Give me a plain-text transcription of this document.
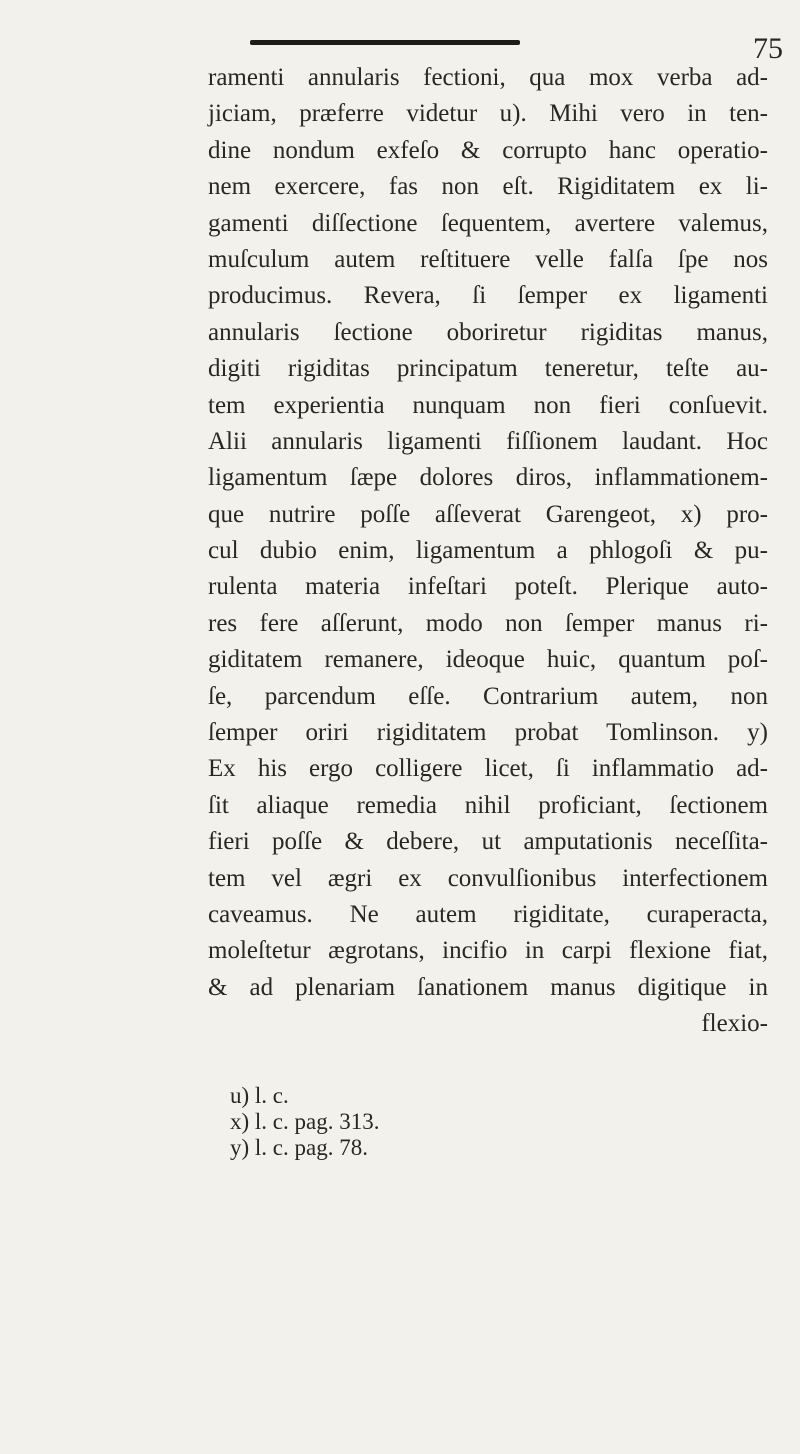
75
ramenti annularis fectioni, qua mox verba ad-
jiciam, præferre videtur u). Mihi vero in ten-
dine nondum exfeſo & corrupto hanc operatio-
nem exercere, fas non eſt. Rigiditatem ex li-
gamenti diſſectione ſequentem, avertere valemus,
muſculum autem reſtituere velle falſa ſpe nos
producimus. Revera, ſi ſemper ex ligamenti
annularis ſectione oboriretur rigiditas manus,
digiti rigiditas principatum teneretur, teſte au-
tem experientia nunquam non fieri conſuevit.
Alii annularis ligamenti fiſſionem laudant. Hoc
ligamentum ſæpe dolores diros, inflammationem-
que nutrire poſſe aſſeverat Garengeot, x) pro-
cul dubio enim, ligamentum a phlogoſi & pu-
rulenta materia infeſtari poteſt. Plerique auto-
res fere aſſerunt, modo non ſemper manus ri-
giditatem remanere, ideoque huic, quantum poſ-
ſe, parcendum eſſe. Contrarium autem, non
ſemper oriri rigiditatem probat Tomlinson. y)
Ex his ergo colligere licet, ſi inflammatio ad-
ſit aliaque remedia nihil proficiant, ſectionem
fieri poſſe & debere, ut amputationis neceſſita-
tem vel ægri ex convulſionibus interfectionem
caveamus. Ne autem rigiditate, curaperacta,
moleſtetur ægrotans, incifio in carpi flexione fiat,
& ad plenariam ſanationem manus digitique in
flexio-
u) l. c.
x) l. c. pag. 313.
y) l. c. pag. 78.
